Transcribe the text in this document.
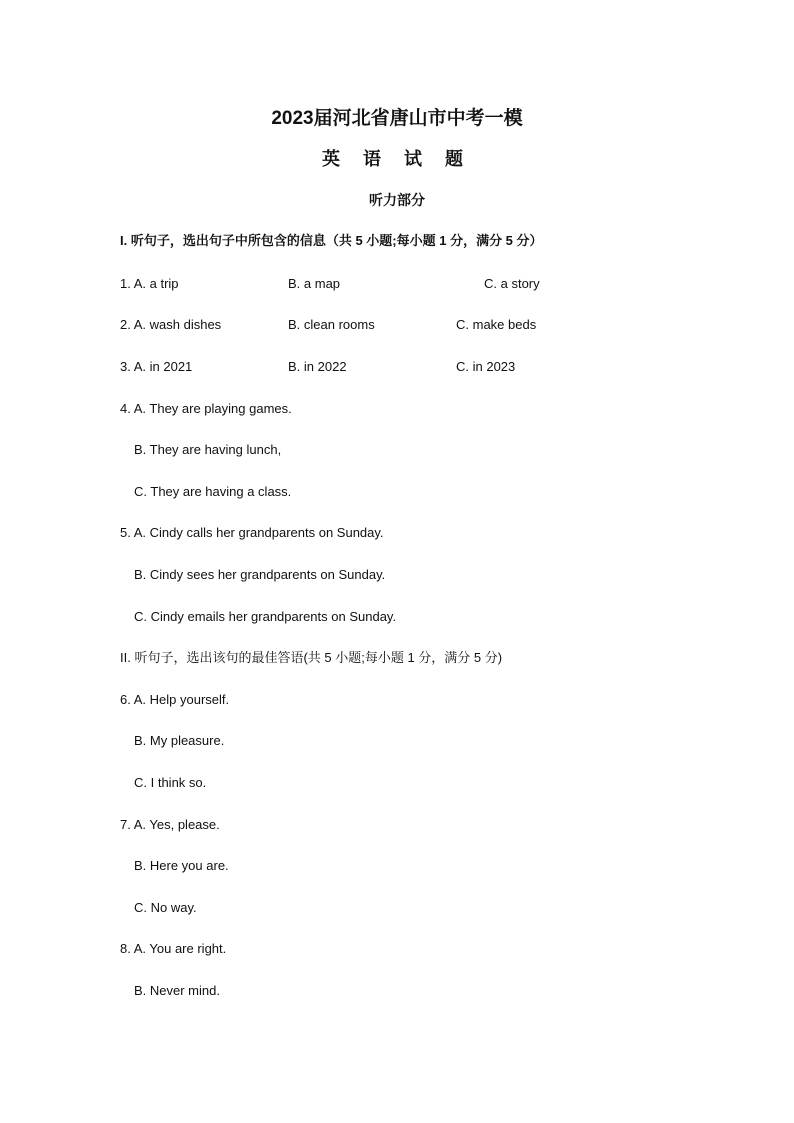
2023届河北省唐山市中考一模
英 语 试 题
听力部分
I. 听句子，选出句子中所包含的信息（共 5 小题;每小题 1 分，满分 5 分）
1. A. a trip	B. a map	C. a story
2. A. wash dishes	B. clean rooms	C. make beds
3. A. in 2021	B. in 2022	C. in 2023
4. A. They are playing games.
B. They are having lunch,
C. They are having a class.
5. A. Cindy calls her grandparents on Sunday.
B. Cindy sees her grandparents on Sunday.
C. Cindy emails her grandparents on Sunday.
II. 听句子，选出该句的最佳答语(共 5 小题;每小题 1 分，满分 5 分)
6. A. Help yourself.
B. My pleasure.
C. I think so.
7. A. Yes, please.
B. Here you are.
C. No way.
8. A. You are right.
B. Never mind.
